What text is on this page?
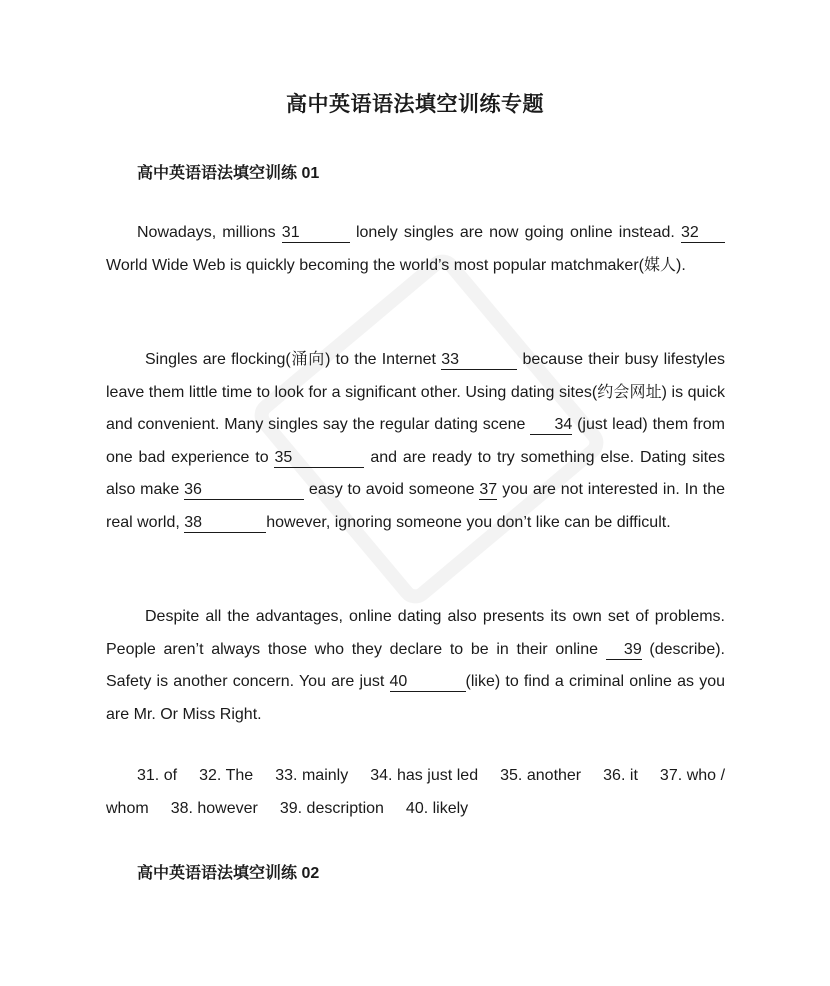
高中英语语法填空训练专题
高中英语语法填空训练 01
Nowadays, millions 31	lonely singles are now going online instead. 32 World Wide Web is quickly becoming the world’s most popular matchmaker(媒人).
Singles are flocking(涌向) to the Internet 33	because their busy lifestyles leave them little time to look for a significant other. Using dating sites(约会网址) is quick and convenient. Many singles say the regular dating scene 34 (just lead) them from one bad experience to 35	and are ready to try something else. Dating sites also make 36	easy to avoid someone 37 you are not interested in. In the real world, 38	however, ignoring someone you don’t like can be difficult.
Despite all the advantages, online dating also presents its own set of problems. People aren’t always those who they declare to be in their online 39 (describe). Safety is another concern. You are just 40	(like) to find a criminal online as you are Mr. Or Miss Right.
31. of 32. The 33. mainly 34. has just led 35. another 36. it 37. who / whom 38. however 39. description 40. likely
高中英语语法填空训练 02
